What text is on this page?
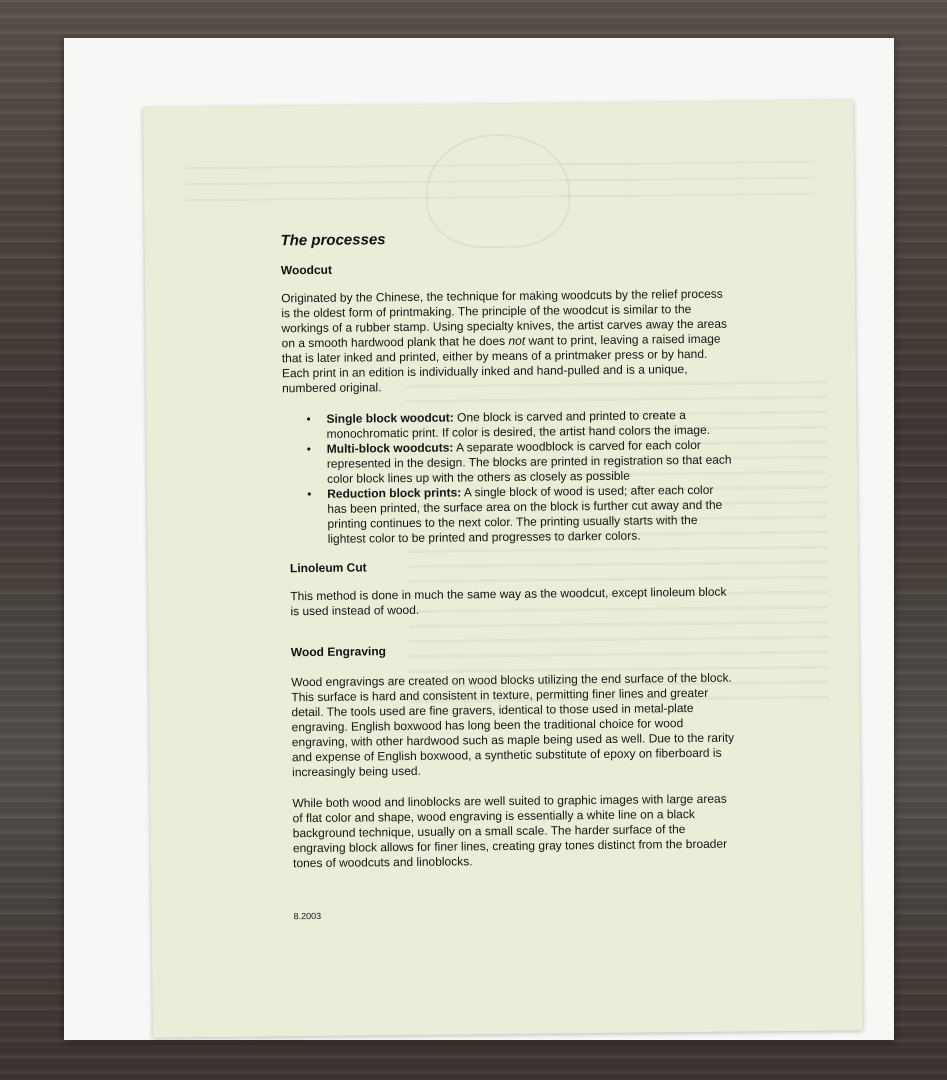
The processes
Woodcut

Originated by the Chinese, the technique for making woodcuts by the relief process is the oldest form of printmaking. The principle of the woodcut is similar to the workings of a rubber stamp. Using specialty knives, the artist carves away the areas on a smooth hardwood plank that he does not want to print, leaving a raised image that is later inked and printed, either by means of a printmaker press or by hand. Each print in an edition is individually inked and hand-pulled and is a unique, numbered original.

• Single block woodcut: One block is carved and printed to create a monochromatic print. If color is desired, the artist hand colors the image.
• Multi-block woodcuts: A separate woodblock is carved for each color represented in the design. The blocks are printed in registration so that each color block lines up with the others as closely as possible
• Reduction block prints: A single block of wood is used; after each color has been printed, the surface area on the block is further cut away and the printing continues to the next color. The printing usually starts with the lightest color to be printed and progresses to darker colors.
Linoleum Cut

This method is done in much the same way as the woodcut, except linoleum block is used instead of wood.

Wood Engraving

Wood engravings are created on wood blocks utilizing the end surface of the block. This surface is hard and consistent in texture, permitting finer lines and greater detail. The tools used are fine gravers, identical to those used in metal-plate engraving. English boxwood has long been the traditional choice for wood engraving, with other hardwood such as maple being used as well. Due to the rarity and expense of English boxwood, a synthetic substitute of epoxy on fiberboard is increasingly being used.

While both wood and linoblocks are well suited to graphic images with large areas of flat color and shape, wood engraving is essentially a white line on a black background technique, usually on a small scale. The harder surface of the engraving block allows for finer lines, creating gray tones distinct from the broader tones of woodcuts and linoblocks.

8.2003
